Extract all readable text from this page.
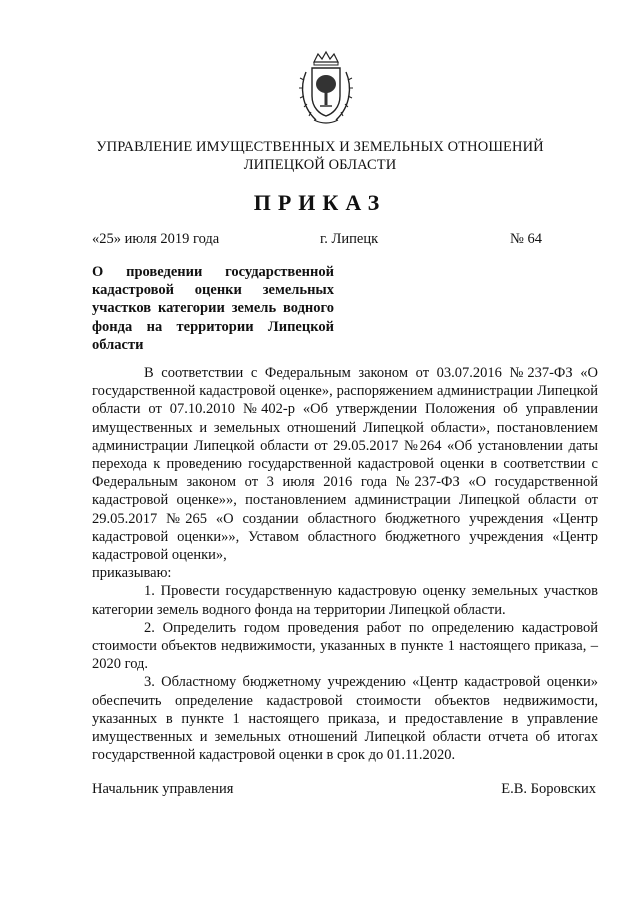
УПРАВЛЕНИЕ ИМУЩЕСТВЕННЫХ И ЗЕМЕЛЬНЫХ ОТНОШЕНИЙ
ЛИПЕЦКОЙ ОБЛАСТИ
ПРИКАЗ
«25» июля 2019 года	г. Липецк	№ 64
О проведении государственной кадастровой оценки земельных участков категории земель водного фонда на территории Липецкой области

В соответствии с Федеральным законом от 03.07.2016 №237-ФЗ «О государственной кадастровой оценке», распоряжением администрации Липецкой области от 07.10.2010 №402-р «Об утверждении Положения об управлении имущественных и земельных отношений Липецкой области», постановлением администрации Липецкой области от 29.05.2017 №264 «Об установлении даты перехода к проведению государственной кадастровой оценки в соответствии с Федеральным законом от 3 июля 2016 года №237-ФЗ «О государственной кадастровой оценке»», постановлением администрации Липецкой области от 29.05.2017 №265 «О создании областного бюджетного учреждения «Центр кадастровой оценки»», Уставом областного бюджетного учреждения «Центр кадастровой оценки»,

приказываю:

1. Провести государственную кадастровую оценку земельных участков категории земель водного фонда на территории Липецкой области.

2. Определить годом проведения работ по определению кадастровой стоимости объектов недвижимости, указанных в пункте 1 настоящего приказа, – 2020 год.

3. Областному бюджетному учреждению «Центр кадастровой оценки» обеспечить определение кадастровой стоимости объектов недвижимости, указанных в пункте 1 настоящего приказа, и предоставление в управление имущественных и земельных отношений Липецкой области отчета об итогах государственной кадастровой оценки в срок до 01.11.2020.

Начальник управления	Е.В. Боровских
